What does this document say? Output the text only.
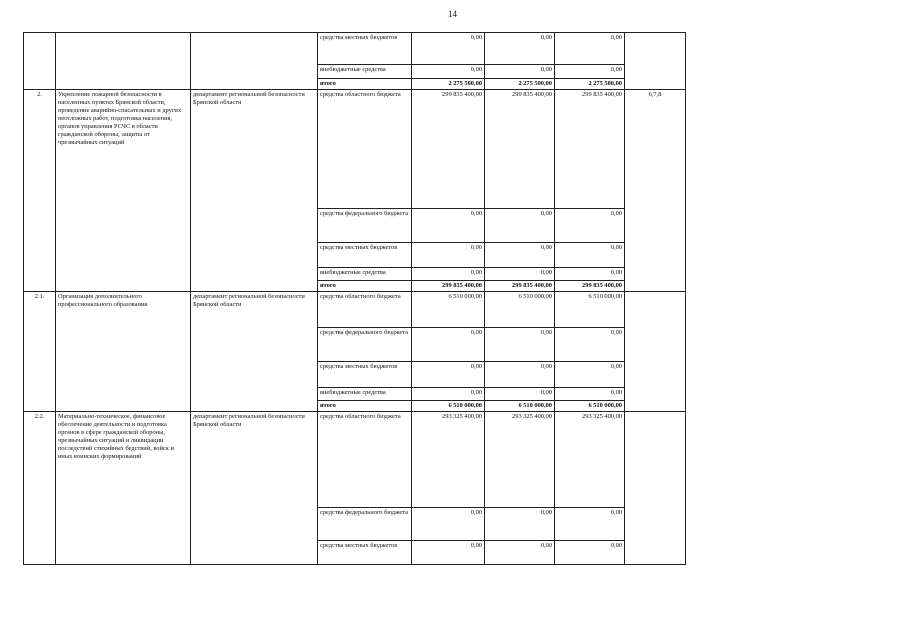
14
			средства местных бюджетов	0,00	0,00	0,00	
			внебюджетные средства	0,00	0,00	0,00	
			итого	2 275 500,00	2 275 500,00	2 275 500,00	
2.	Укрепление пожарной безопасности в населенных пунктах Брянской области, проведение аварийно-спасательных и других неотложных работ, подготовка населения, органов управления РСЧС в области гражданской обороны, защиты от чрезвычайных ситуаций	департамент региональной безопасности Брянской области	средства областного бюджета	299 835 400,00	299 835 400,00	299 835 400,00	6,7,8
			средства федерального бюджета	0,00	0,00	0,00	
			средства местных бюджетов	0,00	0,00	0,00	
			внебюджетные средства	0,00	0,00	0,00	
			итого	299 835 400,00	299 835 400,00	299 835 400,00	
2.1.	Организация дополнительного профессионального образования	департамент региональной безопасности Брянской области	средства областного бюджета	6 510 000,00	6 510 000,00	6 510 000,00	
			средства федерального бюджета	0,00	0,00	0,00	
			средства местных бюджетов	0,00	0,00	0,00	
			внебюджетные средства	0,00	0,00	0,00	
			итого	6 510 000,00	6 510 000,00	6 510 000,00	
2.2.	Материально-техническое, финансовое обеспечение деятельности и подготовка органов в сфере гражданской обороны, чрезвычайных ситуаций и ликвидации последствий стихийных бедствий, войск и иных воинских формирований	департамент региональной безопасности Брянской области	средства областного бюджета	293 325 400,00	293 325 400,00	293 325 400,00	
			средства федерального бюджета	0,00	0,00	0,00	
			средства местных бюджетов	0,00	0,00	0,00	
